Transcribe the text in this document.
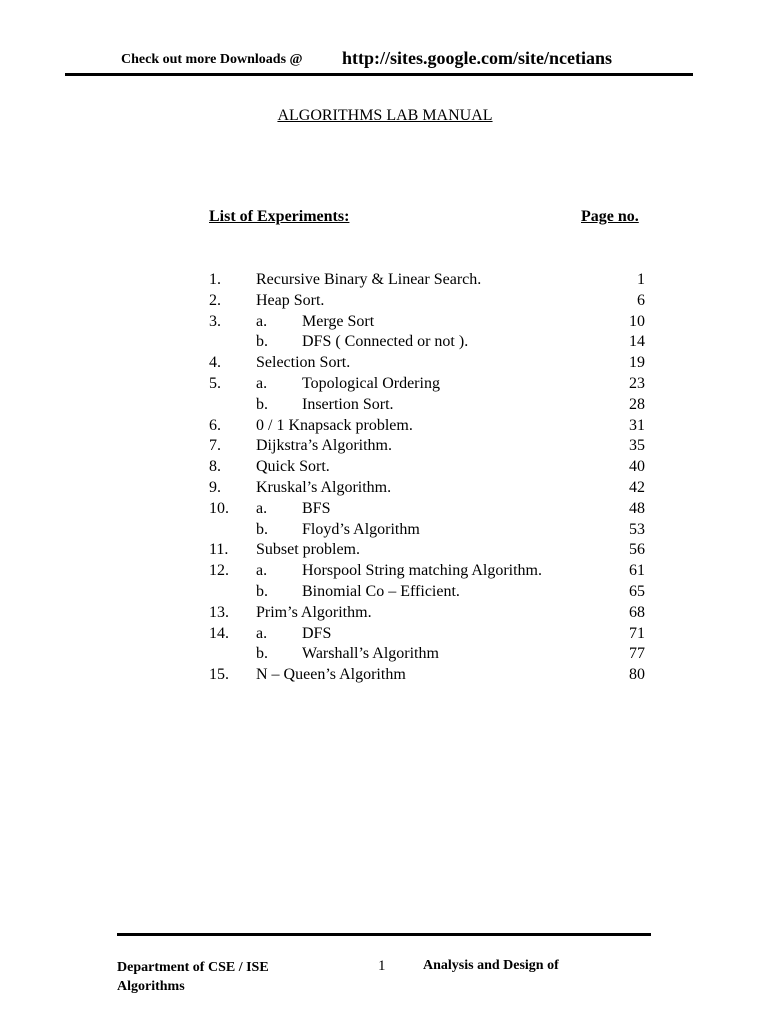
Check out more Downloads @ http://sites.google.com/site/ncetians
ALGORITHMS LAB MANUAL
List of Experiments:	Page no.
1. Recursive Binary & Linear Search.	1
2. Heap Sort.	6
3. a. Merge Sort	10
b. DFS ( Connected or not ).	14
4. Selection Sort.	19
5. a. Topological Ordering	23
b. Insertion Sort.	28
6. 0 / 1 Knapsack problem.	31
7. Dijkstra’s Algorithm.	35
8. Quick Sort.	40
9. Kruskal’s Algorithm.	42
10. a. BFS	48
b. Floyd’s Algorithm	53
11. Subset problem.	56
12. a. Horspool String matching Algorithm.	61
b. Binomial Co – Efficient.	65
13. Prim’s Algorithm.	68
14. a. DFS	71
b. Warshall’s Algorithm	77
15. N – Queen’s Algorithm	80
Department of CSE / ISE
Algorithms
1	Analysis and Design of
